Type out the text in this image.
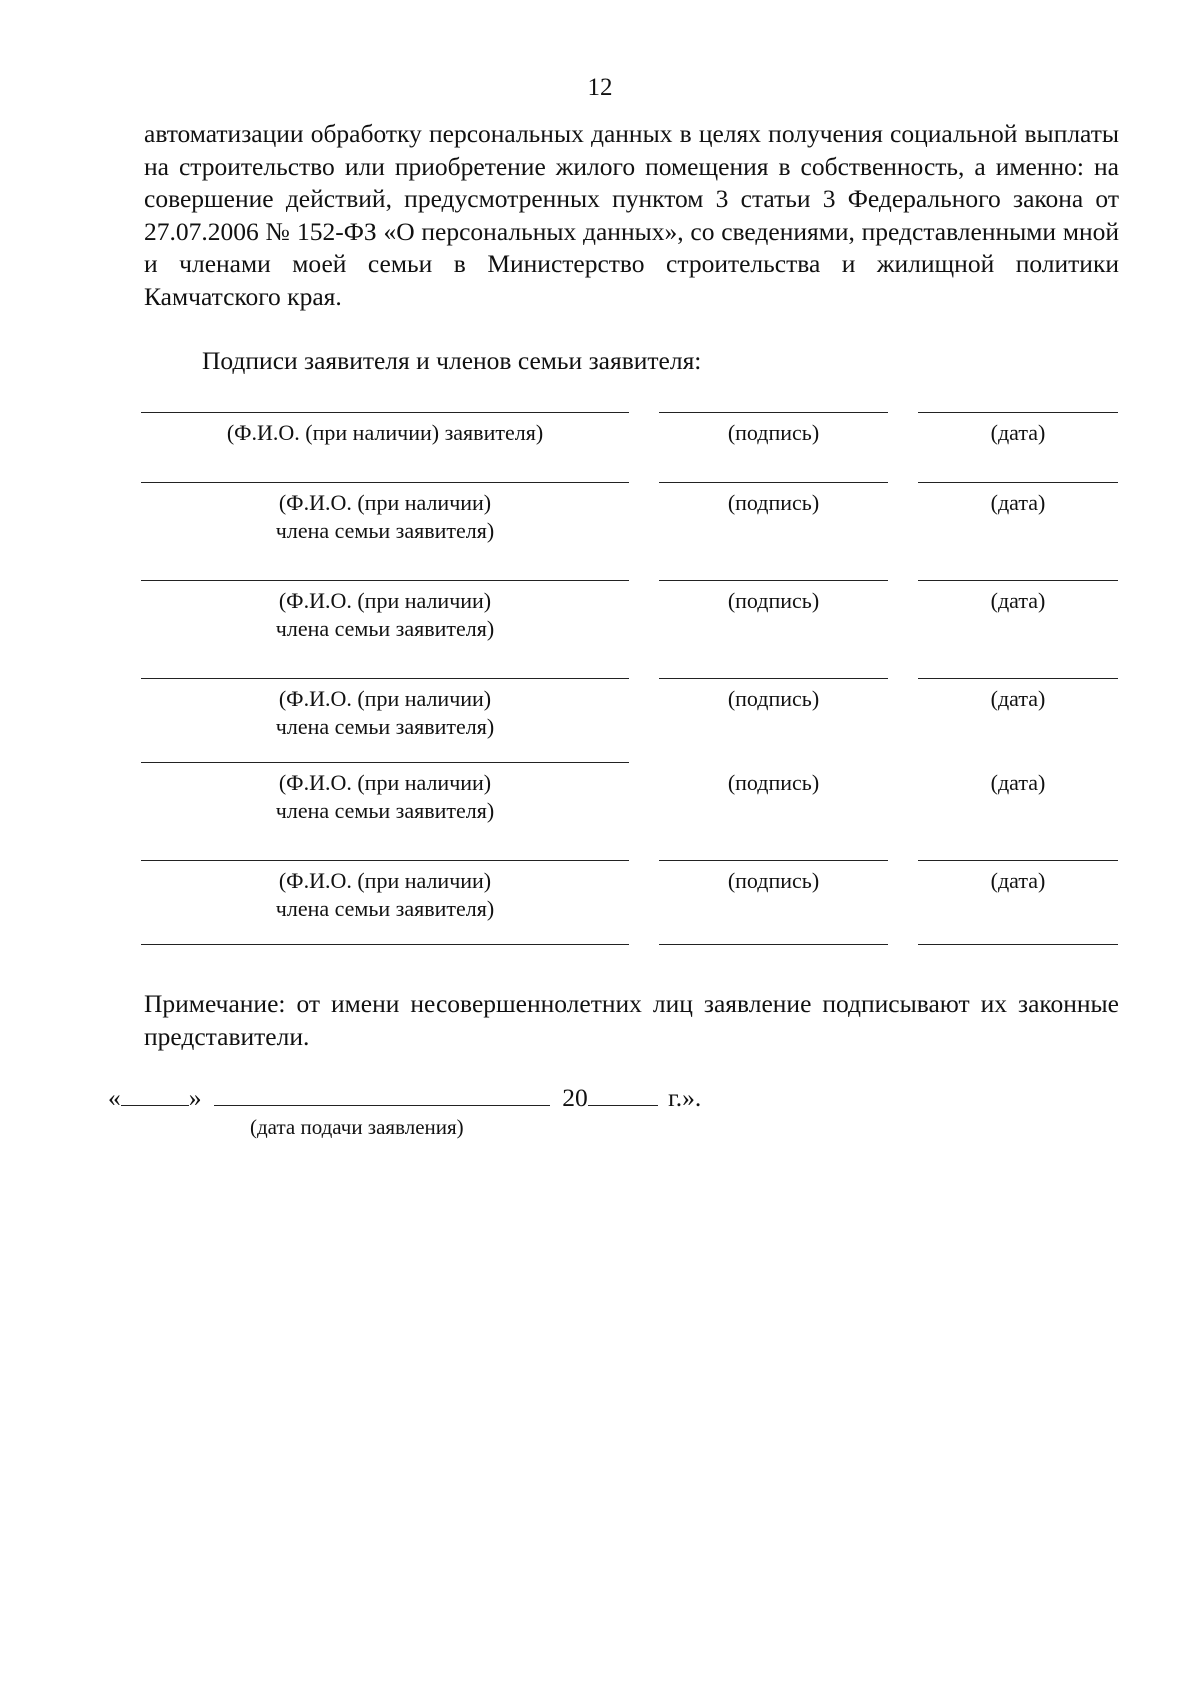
12

автоматизации обработку персональных данных в целях получения социальной выплаты на строительство или приобретение жилого помещения в собственность, а именно: на совершение действий, предусмотренных пунктом 3 статьи 3 Федерального закона от 27.07.2006 № 152-ФЗ «О персональных данных», со сведениями, представленными мной и членами моей семьи в Министерство строительства и жилищной политики Камчатского края.

Подписи заявителя и членов семьи заявителя:

(Ф.И.О. (при наличии) заявителя)	(подпись)	(дата)
(Ф.И.О. (при наличии)
члена семьи заявителя)
(подпись)	(дата)
(Ф.И.О. (при наличии)
члена семьи заявителя)
(подпись)	(дата)
(Ф.И.О. (при наличии)
члена семьи заявителя)
(подпись)	(дата)
(Ф.И.О. (при наличии)
члена семьи заявителя)
(подпись)	(дата)
(Ф.И.О. (при наличии)
члена семьи заявителя)
(подпись)	(дата)

Примечание: от имени несовершеннолетних лиц заявление подписывают их законные представители.

«	»	20	г.».
(дата подачи заявления)
